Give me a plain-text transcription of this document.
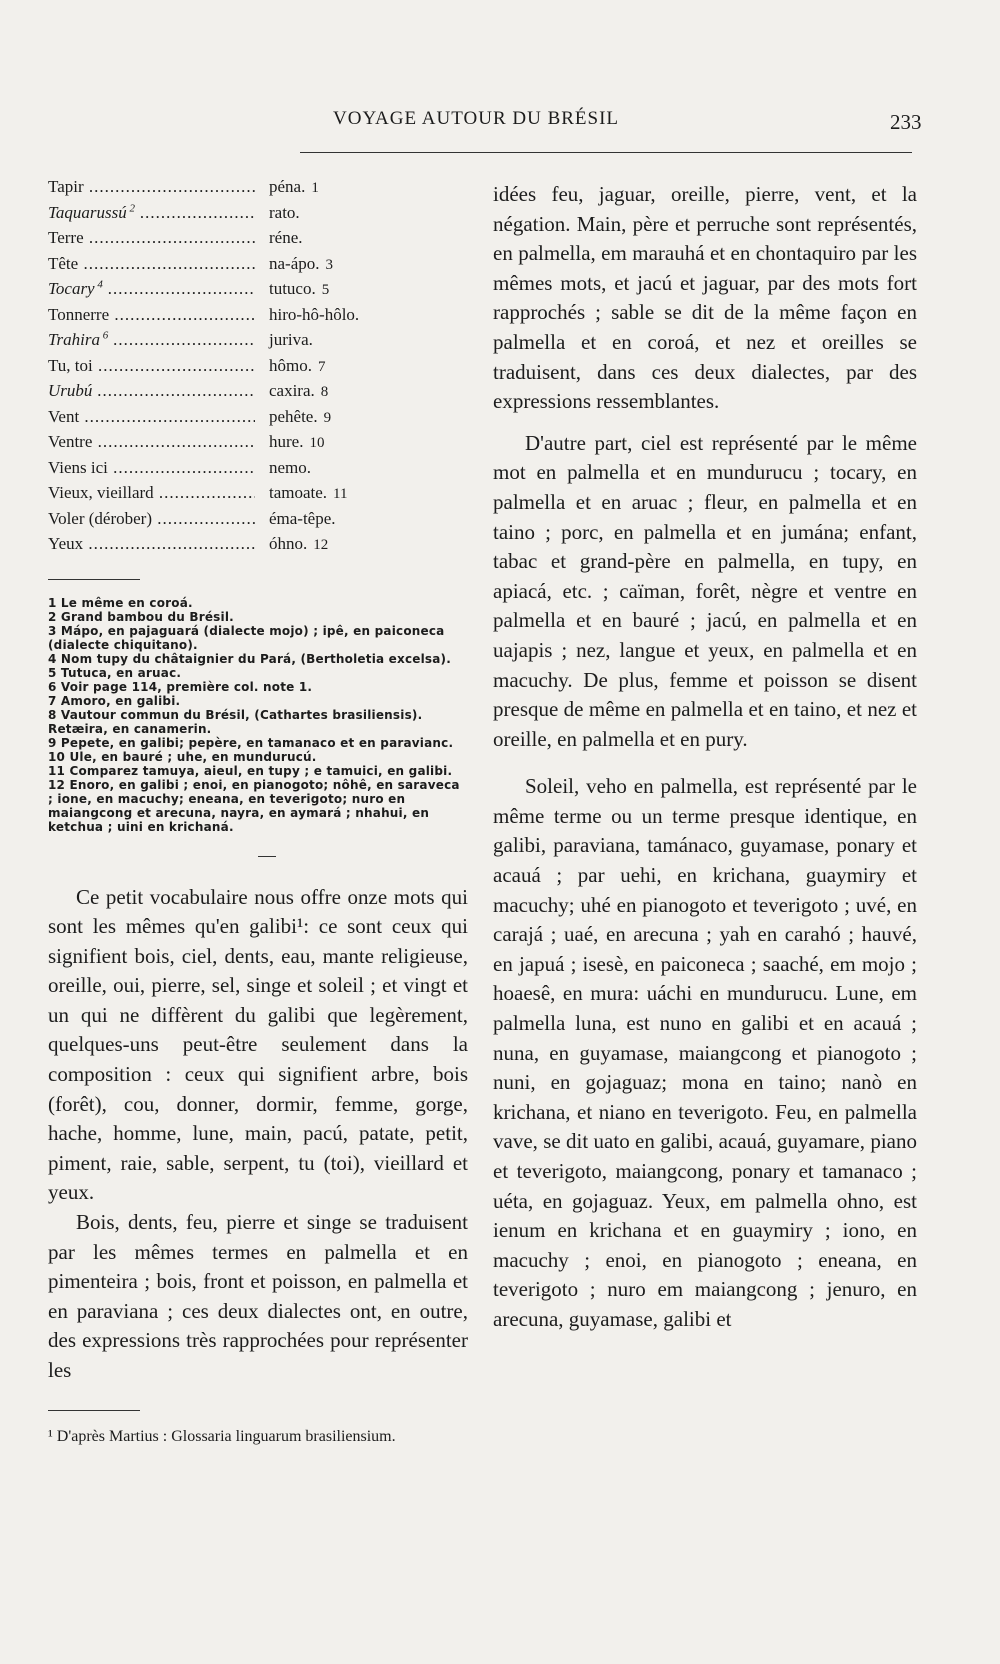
VOYAGE AUTOUR DU BRÉSIL	233
Tapir .....	péna. 1
Taquarussú $^2$ .....	rato.
Terre .....	réne.
Tête .....	na-ápo. 3
Tocary $^4$ .....	tutuco. 5
Tonnerre .....	hiro-hô-hôlo.
Trahira $^6$ .....	juriva.
Tu, toi .....	hômo. 7
Urubú .....	caxira. 8
Vent .....	pehête. 9
Ventre .....	hure. 10
Viens ici .....	nemo.
Vieux, vieillard .....	tamoate. 11
Voler (dérober) .....	éma-têpe.
Yeux .....	óhno. 12
1 Le même en coroá.
2 Grand bambou du Brésil.
3 Mápo, en pajaguará (dialecte mojo) ; ipê, en paiconeca (dialecte chiquitano).
4 Nom tupy du châtaignier du Pará, (Bertholetia excelsa).
5 Tutuca, en aruac.
6 Voir page 114, première col. note 1.
7 Amoro, en galibi.
8 Vautour commun du Brésil, (Cathartes brasiliensis). Retæira, en canamerin.
9 Pepete, en galibi; pepère, en tamanaco et en paravianc.
10 Ule, en bauré ; uhe, en mundurucú.
11 Comparez tamuya, aieul, en tupy ; e tamuici, en galibi.
12 Enoro, en galibi ; enoi, en pianogoto; nôhê, en saraveca ; ione, en macuchy; eneana, en teverigoto; nuro en maiangcong et arecuna, nayra, en aymará ; nhahui, en ketchua ; uini en krichaná.

Ce petit vocabulaire nous offre onze mots qui sont les mêmes qu'en galibi¹: ce sont ceux qui signifient bois, ciel, dents, eau, mante religieuse, oreille, oui, pierre, sel, singe et soleil ; et vingt et un qui ne diffèrent du galibi que legèrement, quelques-uns peut-être seulement dans la composition : ceux qui signifient arbre, bois (forêt), cou, donner, dormir, femme, gorge, hache, homme, lune, main, pacú, patate, petit, piment, raie, sable, serpent, tu (toi), vieillard et yeux.

Bois, dents, feu, pierre et singe se traduisent par les mêmes termes en palmella et en pimenteira ; bois, front et poisson, en palmella et en paraviana ; ces deux dialectes ont, en outre, des expressions très rapprochées pour représenter les

¹ D'après Martius : Glossaria linguarum brasiliensium.

idées feu, jaguar, oreille, pierre, vent, et la négation. Main, père et perruche sont représentés, en palmella, em marauhá et en chontaquiro par les mêmes mots, et jacú et jaguar, par des mots fort rapprochés ; sable se dit de la même façon en palmella et en coroá, et nez et oreilles se traduisent, dans ces deux dialectes, par des expressions ressemblantes.

D'autre part, ciel est représenté par le même mot en palmella et en mundurucu ; tocary, en palmella et en aruac ; fleur, en palmella et en taino ; porc, en palmella et en jumána; enfant, tabac et grand-père en palmella, en tupy, en apiacá, etc. ; caïman, forêt, nègre et ventre en palmella et en bauré ; jacú, en palmella et en uajapis ; nez, langue et yeux, en palmella et en macuchy. De plus, femme et poisson se disent presque de même en palmella et en taino, et nez et oreille, en palmella et en pury.

Soleil, veho en palmella, est représenté par le même terme ou un terme presque identique, en galibi, paraviana, tamánaco, guyamase, ponary et acauá ; par uehi, en krichana, guaymiry et macuchy; uhé en pianogoto et teverigoto ; uvé, en carajá ; uaé, en arecuna ; yah en carahó ; hauvé, en japuá ; isesè, en paiconeca ; saaché, em mojo ; hoaesê, en mura: uáchi en mundurucu. Lune, em palmella luna, est nuno en galibi et en acauá ; nuna, en guyamase, maiangcong et pianogoto ; nuni, en gojaguaz; mona en taino; nanò en krichana, et niano en teverigoto. Feu, en palmella vave, se dit uato en galibi, acauá, guyamare, piano et teverigoto, maiangcong, ponary et tamanaco ; uéta, en gojaguaz. Yeux, em palmella ohno, est ienum en krichana et en guaymiry ; iono, en macuchy ; enoi, en pianogoto ; eneana, en teverigoto ; nuro em maiangcong ; jenuro, en arecuna, guyamase, galibi et
